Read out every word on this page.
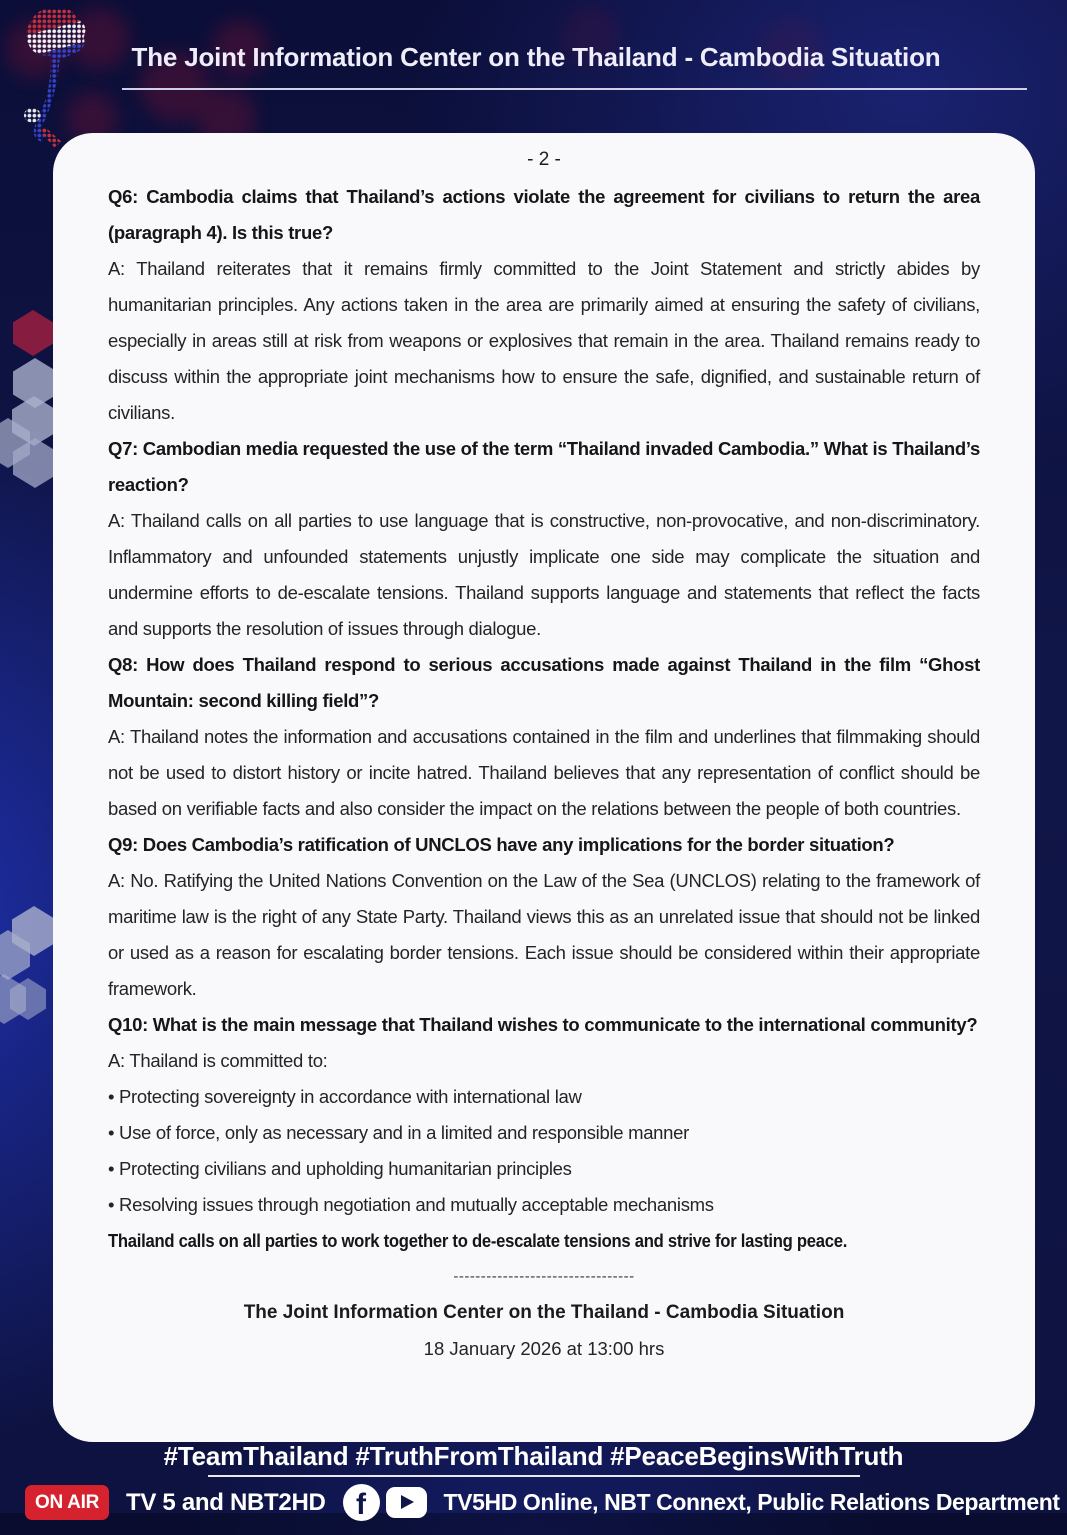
The Joint Information Center on the Thailand - Cambodia Situation

- 2 -

Q6: Cambodia claims that Thailand’s actions violate the agreement for civilians to return the area (paragraph 4). Is this true?

A: Thailand reiterates that it remains firmly committed to the Joint Statement and strictly abides by humanitarian principles. Any actions taken in the area are primarily aimed at ensuring the safety of civilians, especially in areas still at risk from weapons or explosives that remain in the area. Thailand remains ready to discuss within the appropriate joint mechanisms how to ensure the safe, dignified, and sustainable return of civilians.

Q7: Cambodian media requested the use of the term “Thailand invaded Cambodia.” What is Thailand’s reaction?

A: Thailand calls on all parties to use language that is constructive, non-provocative, and non-discriminatory. Inflammatory and unfounded statements unjustly implicate one side may complicate the situation and undermine efforts to de-escalate tensions. Thailand supports language and statements that reflect the facts and supports the resolution of issues through dialogue.

Q8: How does Thailand respond to serious accusations made against Thailand in the film “Ghost Mountain: second killing field”?

A: Thailand notes the information and accusations contained in the film and underlines that filmmaking should not be used to distort history or incite hatred. Thailand believes that any representation of conflict should be based on verifiable facts and also consider the impact on the relations between the people of both countries.

Q9: Does Cambodia’s ratification of UNCLOS have any implications for the border situation?

A: No. Ratifying the United Nations Convention on the Law of the Sea (UNCLOS) relating to the framework of maritime law is the right of any State Party. Thailand views this as an unrelated issue that should not be linked or used as a reason for escalating border tensions. Each issue should be considered within their appropriate framework.

Q10: What is the main message that Thailand wishes to communicate to the international community?

A: Thailand is committed to:

• Protecting sovereignty in accordance with international law

• Use of force, only as necessary and in a limited and responsible manner

• Protecting civilians and upholding humanitarian principles

• Resolving issues through negotiation and mutually acceptable mechanisms

Thailand calls on all parties to work together to de-escalate tensions and strive for lasting peace.

---------------------------------

The Joint Information Center on the Thailand - Cambodia Situation

18 January 2026 at 13:00 hrs

#TeamThailand #TruthFromThailand #PeaceBeginsWithTruth

ON AIR	TV 5 and NBT2HD	f	TV5HD Online, NBT Connext, Public Relations Department
